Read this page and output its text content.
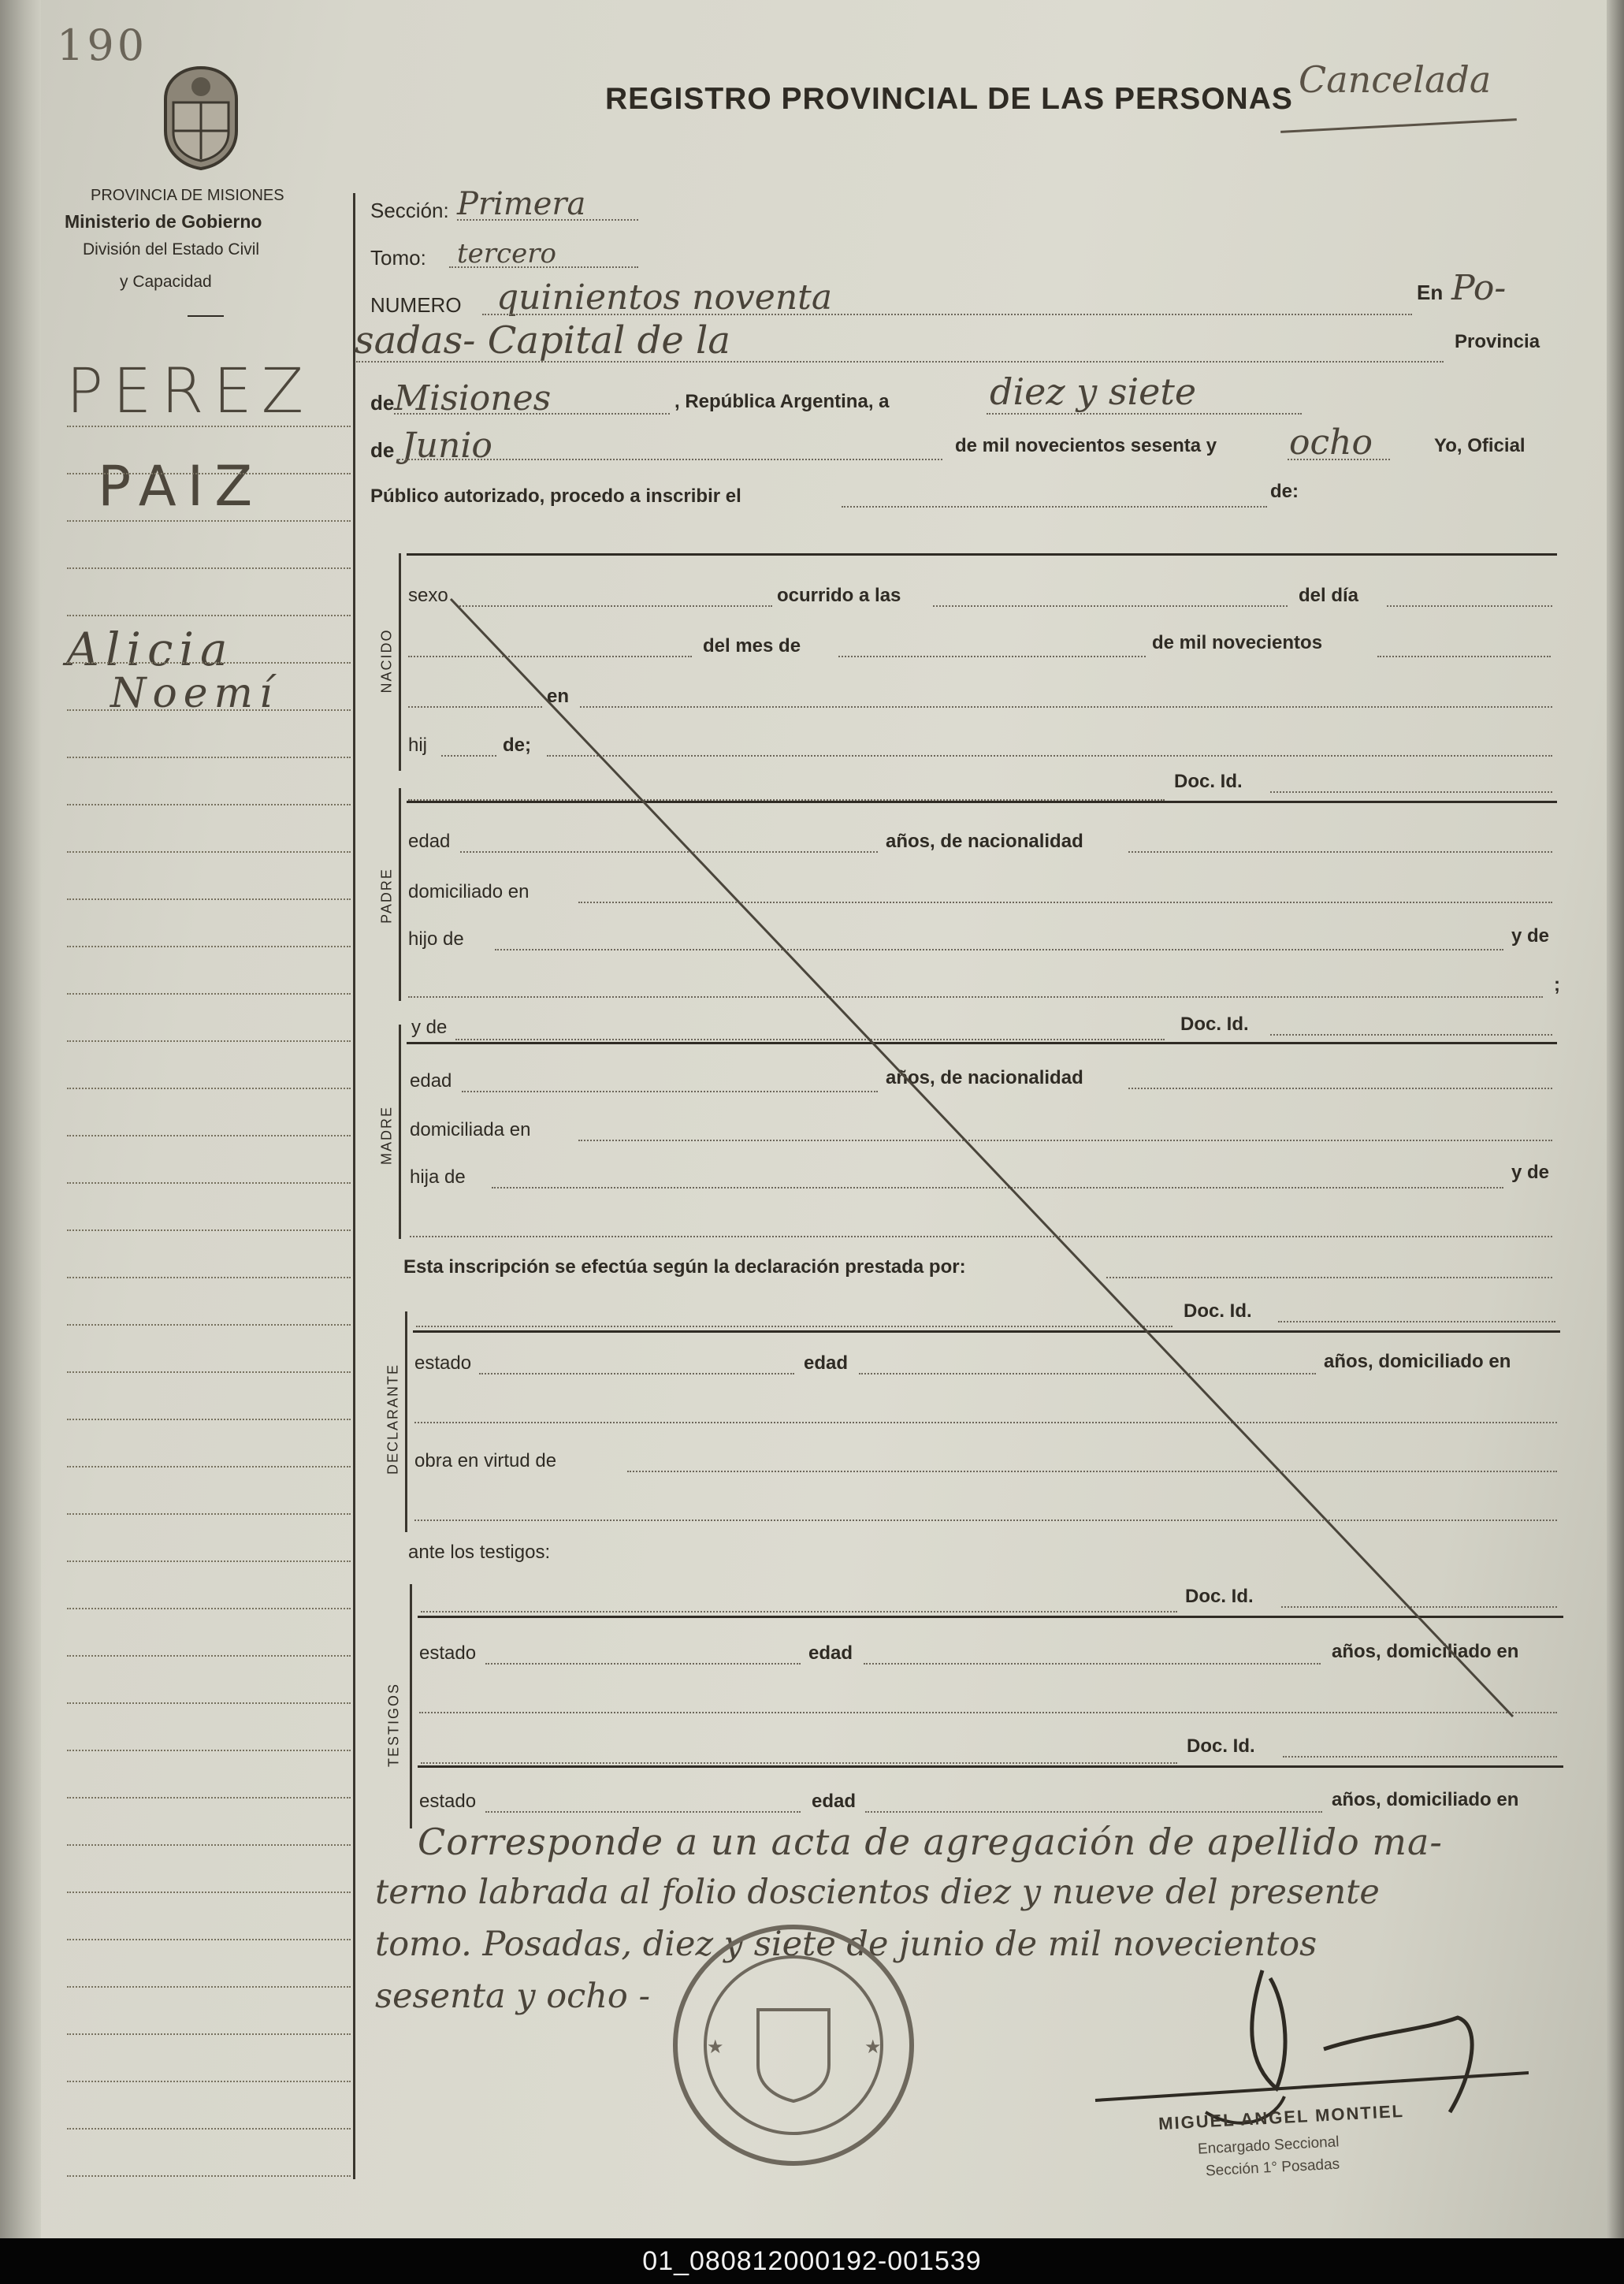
190
PROVINCIA DE MISIONES
Ministerio de Gobierno
División del Estado Civil
y Capacidad
REGISTRO PROVINCIAL DE LAS PERSONAS Cancelada
PEREZ
PAIZ
Alicia
Noemí
Sección: Primera
Tomo: tercero
NUMERO quinientos noventa	En Po-
sadas- Capital de la	Provincia
de Misiones	, República Argentina, a	diez y siete
de Junio	de mil novecientos sesenta y ocho	Yo, Oficial
Público autorizado, procedo a inscribir el	de:
NACIDO
sexo	ocurrido a las	del día
del mes de	de mil novecientos
en
hij	de;
Doc. Id.
PADRE
edad	años, de nacionalidad
domiciliado en
hijo de	y de
;
MADRE
y de	Doc. Id.
edad	años, de nacionalidad
domiciliada en
hija de	y de
Esta inscripción se efectúa según la declaración prestada por:
Doc. Id.
DECLARANTE
estado	edad	años, domiciliado en
obra en virtud de
ante los testigos:
Doc. Id.
TESTIGOS
estado	edad	años, domiciliado en
Doc. Id.
estado	edad	años, domiciliado en
Corresponde a un acta de agregación de apellido ma-
terno labrada al folio doscientos diez y nueve del presente
tomo. Posadas, diez y siete de junio de mil novecientos
sesenta y ocho -
★	★
MIGUEL ANGEL MONTIEL
Encargado Seccional
Sección 1° Posadas
01_080812000192-001539
